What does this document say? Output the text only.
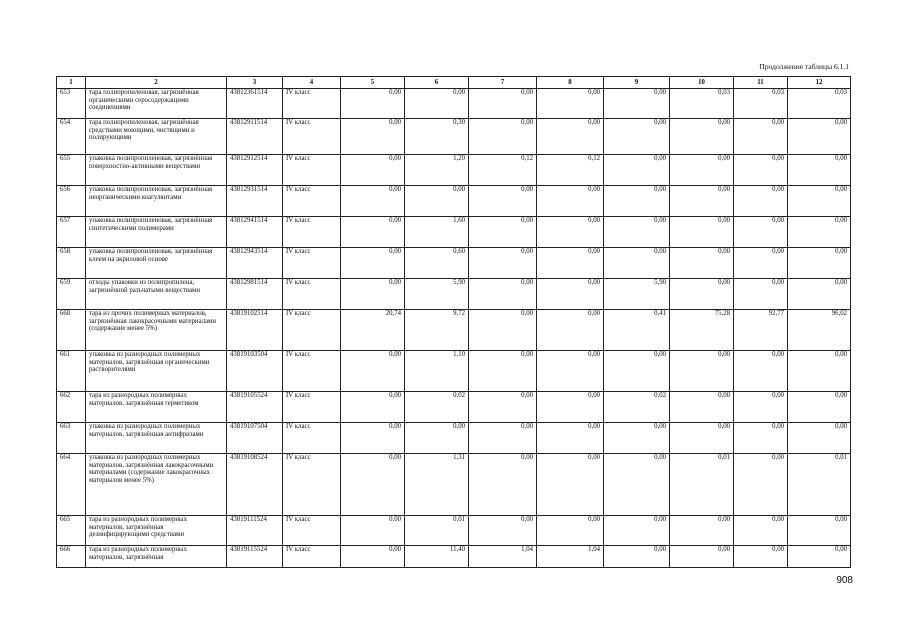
Продолжение таблицы 6.1.1
1	2	3	4	5	6	7	8	9	10	11	12
653	тара полипропиленовая, загрязнённая органическими серосодержащими соединениями	43812361514	IV класс	0,00	0,00	0,00	0,00	0,00	0,03	0,03	0,03
654	тара полипропиленовая, загрязнённая средствами моющими, чистящими и полирующими	43812911514	IV класс	0,00	0,30	0,00	0,00	0,00	0,00	0,00	0,00
655	упаковка полипропиленовая, загрязнённая поверхностно-активными веществами	43812912514	IV класс	0,00	1,20	0,12	0,12	0,00	0,00	0,00	0,00
656	упаковка полипропиленовая, загрязнённая неорганическими коагулянтами	43812931514	IV класс	0,00	0,00	0,00	0,00	0,00	0,00	0,00	0,00
657	упаковка полипропиленовая, загрязнённая синтетическими полимерами	43812941514	IV класс	0,00	1,60	0,00	0,00	0,00	0,00	0,00	0,00
658	упаковка полипропиленовая, загрязнённая клеем на акриловой основе	43812943514	IV класс	0,00	0,60	0,00	0,00	0,00	0,00	0,00	0,00
659	отходы упаковки из полипропилена, загрязнённой разъчатыми веществами	43812981514	IV класс	0,00	5,90	0,00	0,00	5,90	0,00	0,00	0,00
660	тара из прочих полимерных материалов, загрязнённая лакокрасочными материалами (содержание менее 5%)	43819102514	IV класс	20,74	9,72	0,00	0,00	0,41	75,28	92,77	96,02
661	упаковка из разнородных полимерных материалов, загрязнённая органическими растворителями	43819103504	IV класс	0,00	1,10	0,00	0,00	0,00	0,00	0,00	0,00
662	тара из разнородных полимерных материалов, загрязнённая герметиком	43819105524	IV класс	0,00	0,02	0,00	0,00	0,02	0,00	0,00	0,00
663	упаковка из разнородных полимерных материалов, загрязнённая антифризами	43819107504	IV класс	0,00	0,00	0,00	0,00	0,00	0,00	0,00	0,00
664	упаковка из разнородных полимерных материалов, загрязнённая лакокрасочными материалами (содержание лакокрасочных материалов менее 5%)	43819108524	IV класс	0,00	1,31	0,00	0,00	0,00	0,01	0,00	0,01
665	тара из разнородных полимерных материалов, загрязнённая дезинфицирующими средствами	43819111524	IV класс	0,00	0,01	0,00	0,00	0,00	0,00	0,00	0,00
666	тара из разнородных полимерных материалов, загрязнённая	43819115524	IV класс	0,00	11,40	1,04	1,04	0,00	0,00	0,00	0,00
908
